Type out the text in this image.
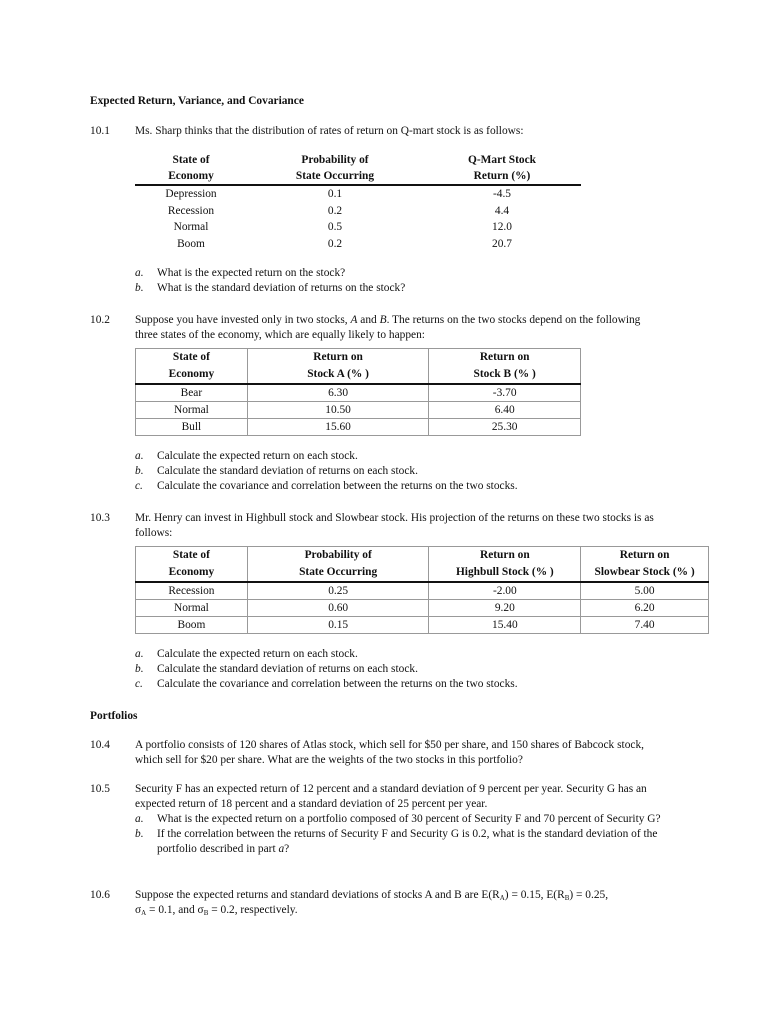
Expected Return, Variance, and Covariance
10.1 Ms. Sharp thinks that the distribution of rates of return on Q-mart stock is as follows:
State of	Probability of	Q-Mart Stock
Economy	State Occurring	Return (%)
Depression	0.1	-4.5
Recession	0.2	4.4
Normal	0.5	12.0
Boom	0.2	20.7
a. What is the expected return on the stock?
b. What is the standard deviation of returns on the stock?
10.2 Suppose you have invested only in two stocks, A and B. The returns on the two stocks depend on the following three states of the economy, which are equally likely to happen:
State of	Return on	Return on
Economy	Stock A (% )	Stock B (% )
Bear	6.30	-3.70
Normal	10.50	6.40
Bull	15.60	25.30
a. Calculate the expected return on each stock.
b. Calculate the standard deviation of returns on each stock.
c. Calculate the covariance and correlation between the returns on the two stocks.
10.3 Mr. Henry can invest in Highbull stock and Slowbear stock. His projection of the returns on these two stocks is as follows:
State of	Probability of	Return on	Return on
Economy	State Occurring	Highbull Stock (% )	Slowbear Stock (% )
Recession	0.25	-2.00	5.00
Normal	0.60	9.20	6.20
Boom	0.15	15.40	7.40
a. Calculate the expected return on each stock.
b. Calculate the standard deviation of returns on each stock.
c. Calculate the covariance and correlation between the returns on the two stocks.
Portfolios
10.4 A portfolio consists of 120 shares of Atlas stock, which sell for $50 per share, and 150 shares of Babcock stock, which sell for $20 per share. What are the weights of the two stocks in this portfolio?
10.5 Security F has an expected return of 12 percent and a standard deviation of 9 percent per year. Security G has an expected return of 18 percent and a standard deviation of 25 percent per year.
a. What is the expected return on a portfolio composed of 30 percent of Security F and 70 percent of Security G?
b. If the correlation between the returns of Security F and Security G is 0.2, what is the standard deviation of the portfolio described in part a?
10.6 Suppose the expected returns and standard deviations of stocks A and B are $E(R_A) = 0.15$, $E(R_B) = 0.25$,
$\sigma_A = 0.1$, and $\sigma_B = 0.2$, respectively.
